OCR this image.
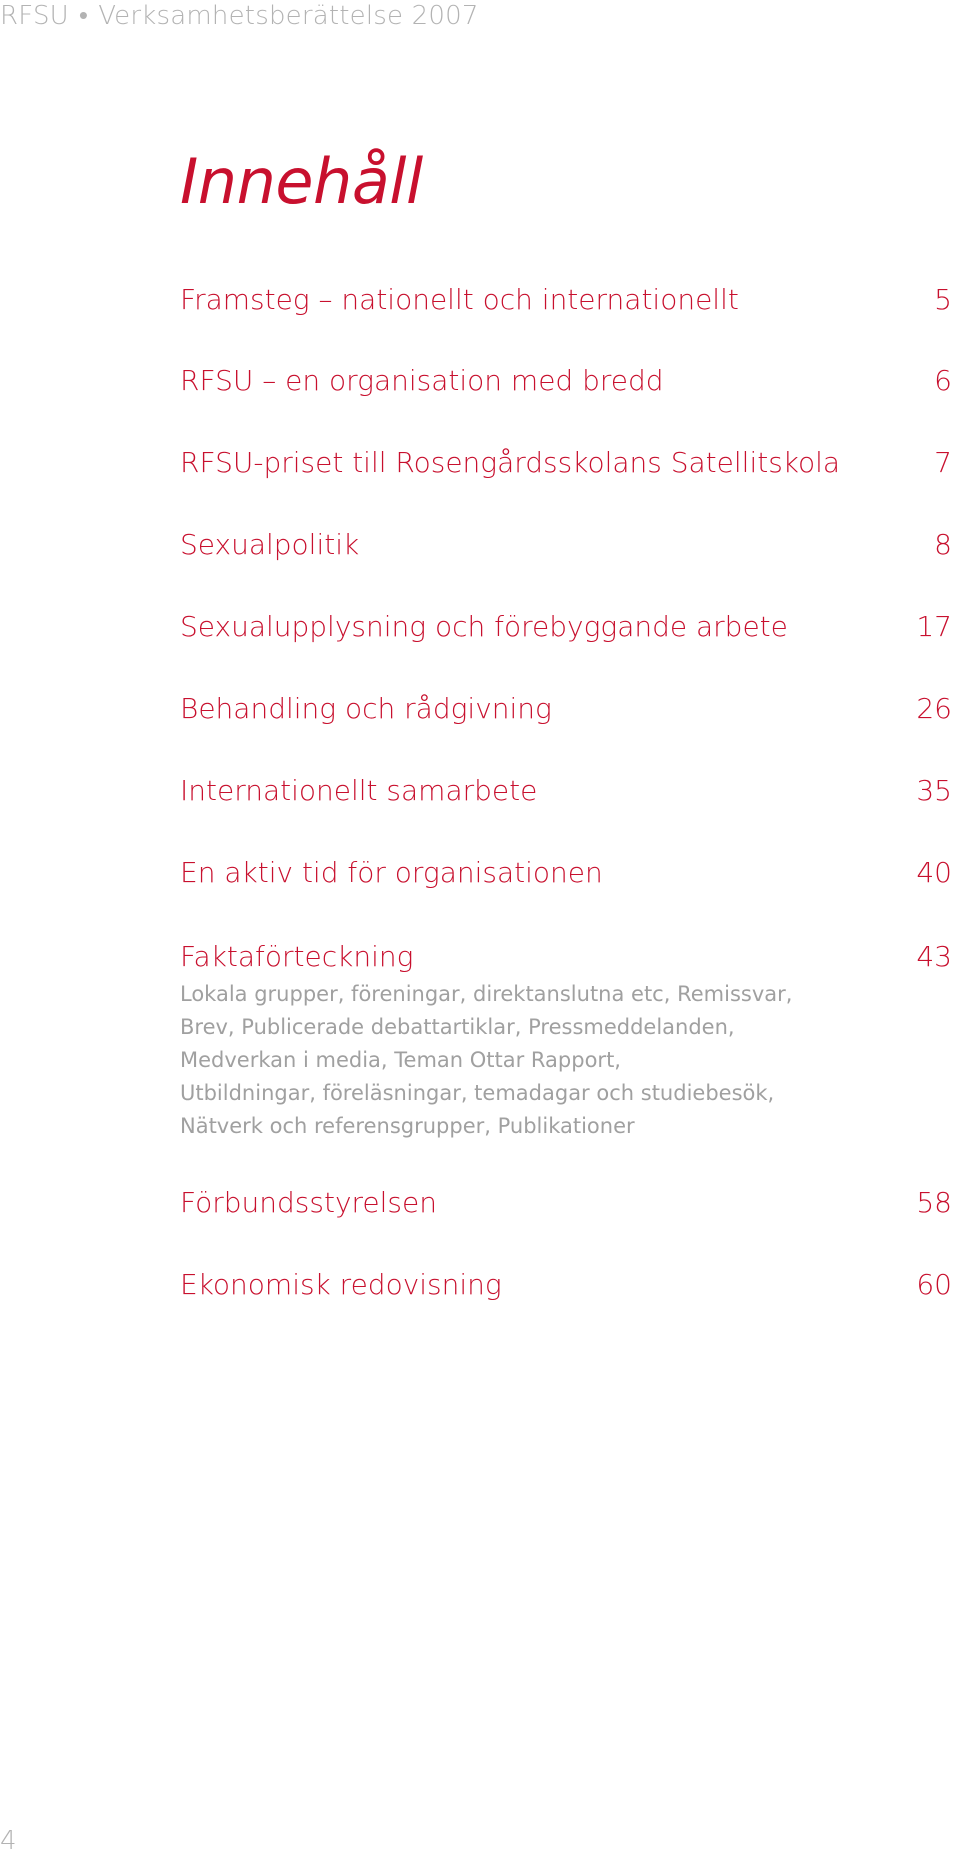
RFSU • Verksamhetsberättelse 2007
Innehåll
Framsteg – nationellt och internationellt	5
RFSU – en organisation med bredd	6
RFSU-priset till Rosengårdsskolans Satellitskola	7
Sexualpolitik	8
Sexualupplysning och förebyggande arbete	17
Behandling och rådgivning	26
Internationellt samarbete	35
En aktiv tid för organisationen	40
Faktaförteckning	43
Lokala grupper, föreningar, direktanslutna etc, Remissvar,
Brev, Publicerade debattartiklar, Pressmeddelanden,
Medverkan i media, Teman Ottar Rapport,
Utbildningar, föreläsningar, temadagar och studiebesök,
Nätverk och referensgrupper, Publikationer
Förbundsstyrelsen	58
Ekonomisk redovisning	60
4
